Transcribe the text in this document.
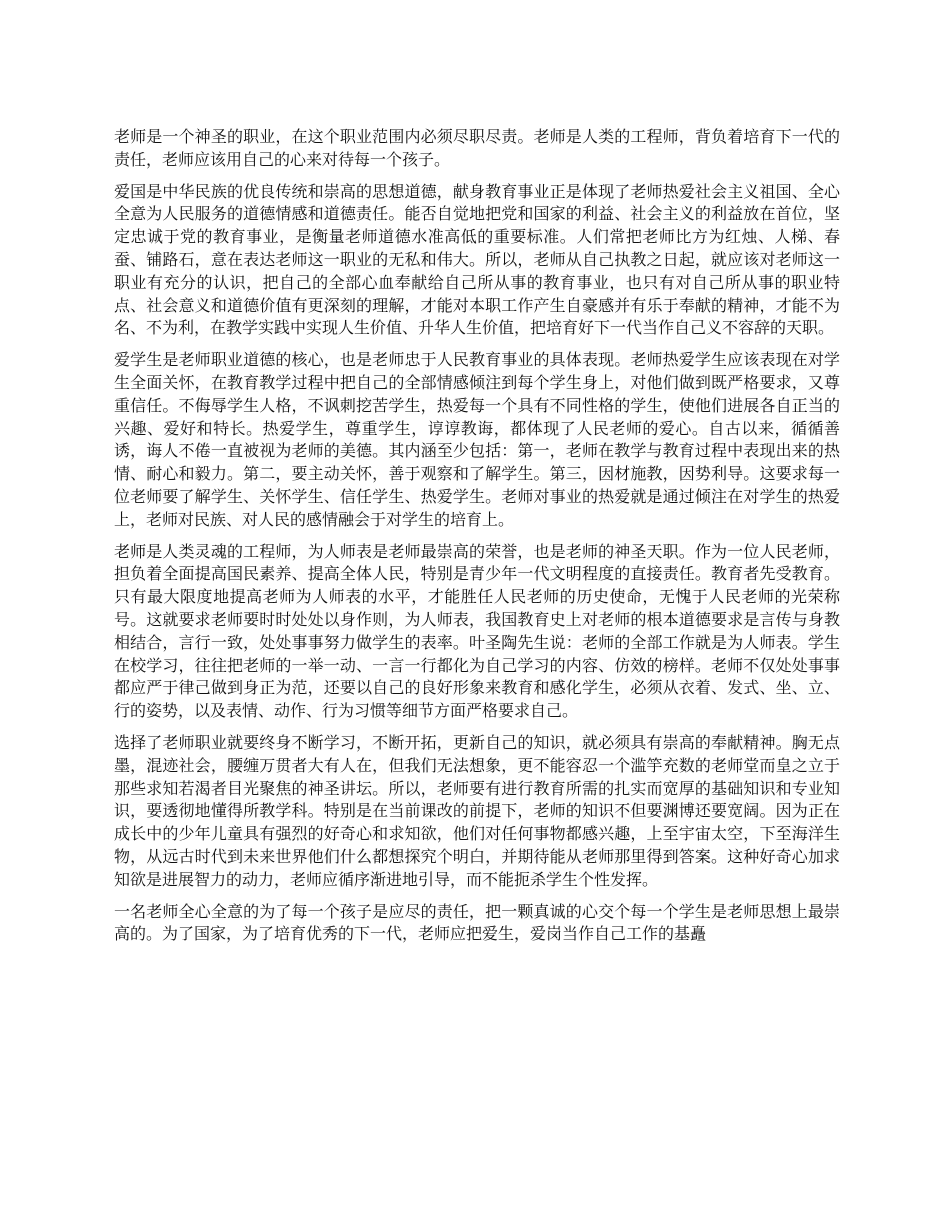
老师是一个神圣的职业，在这个职业范围内必须尽职尽责。老师是人类的工程师，背负着培育下一代的责任，老师应该用自己的心来对待每一个孩子。

爱国是中华民族的优良传统和崇高的思想道德，献身教育事业正是体现了老师热爱社会主义祖国、全心全意为人民服务的道德情感和道德责任。能否自觉地把党和国家的利益、社会主义的利益放在首位，坚定忠诚于党的教育事业，是衡量老师道德水准高低的重要标准。人们常把老师比方为红烛、人梯、春蚕、铺路石，意在表达老师这一职业的无私和伟大。所以，老师从自己执教之日起，就应该对老师这一职业有充分的认识，把自己的全部心血奉献给自己所从事的教育事业，也只有对自己所从事的职业特点、社会意义和道德价值有更深刻的理解，才能对本职工作产生自豪感并有乐于奉献的精神，才能不为名、不为利，在教学实践中实现人生价值、升华人生价值，把培育好下一代当作自己义不容辞的天职。

爱学生是老师职业道德的核心，也是老师忠于人民教育事业的具体表现。老师热爱学生应该表现在对学生全面关怀，在教育教学过程中把自己的全部情感倾注到每个学生身上，对他们做到既严格要求，又尊重信任。不侮辱学生人格，不讽刺挖苦学生，热爱每一个具有不同性格的学生，使他们进展各自正当的兴趣、爱好和特长。热爱学生，尊重学生，谆谆教诲，都体现了人民老师的爱心。自古以来，循循善诱，诲人不倦一直被视为老师的美德。其内涵至少包括：第一，老师在教学与教育过程中表现出来的热情、耐心和毅力。第二，要主动关怀，善于观察和了解学生。第三，因材施教，因势利导。这要求每一位老师要了解学生、关怀学生、信任学生、热爱学生。老师对事业的热爱就是通过倾注在对学生的热爱上，老师对民族、对人民的感情融会于对学生的培育上。

老师是人类灵魂的工程师，为人师表是老师最崇高的荣誉，也是老师的神圣天职。作为一位人民老师，担负着全面提高国民素养、提高全体人民，特别是青少年一代文明程度的直接责任。教育者先受教育。只有最大限度地提高老师为人师表的水平，才能胜任人民老师的历史使命，无愧于人民老师的光荣称号。这就要求老师要时时处处以身作则，为人师表，我国教育史上对老师的根本道德要求是言传与身教相结合，言行一致，处处事事努力做学生的表率。叶圣陶先生说：老师的全部工作就是为人师表。学生在校学习，往往把老师的一举一动、一言一行都化为自己学习的内容、仿效的榜样。老师不仅处处事事都应严于律己做到身正为范，还要以自己的良好形象来教育和感化学生，必须从衣着、发式、坐、立、行的姿势，以及表情、动作、行为习惯等细节方面严格要求自己。

选择了老师职业就要终身不断学习，不断开拓，更新自己的知识，就必须具有崇高的奉献精神。胸无点墨，混迹社会，腰缠万贯者大有人在，但我们无法想象，更不能容忍一个滥竽充数的老师堂而皇之立于那些求知若渴者目光聚焦的神圣讲坛。所以，老师要有进行教育所需的扎实而宽厚的基础知识和专业知识，要透彻地懂得所教学科。特别是在当前课改的前提下，老师的知识不但要渊博还要宽阔。因为正在成长中的少年儿童具有强烈的好奇心和求知欲，他们对任何事物都感兴趣，上至宇宙太空，下至海洋生物，从远古时代到未来世界他们什么都想探究个明白，并期待能从老师那里得到答案。这种好奇心加求知欲是进展智力的动力，老师应循序渐进地引导，而不能扼杀学生个性发挥。

一名老师全心全意的为了每一个孩子是应尽的责任，把一颗真诚的心交个每一个学生是老师思想上最崇高的。为了国家，为了培育优秀的下一代，老师应把爱生，爱岗当作自己工作的基矗
